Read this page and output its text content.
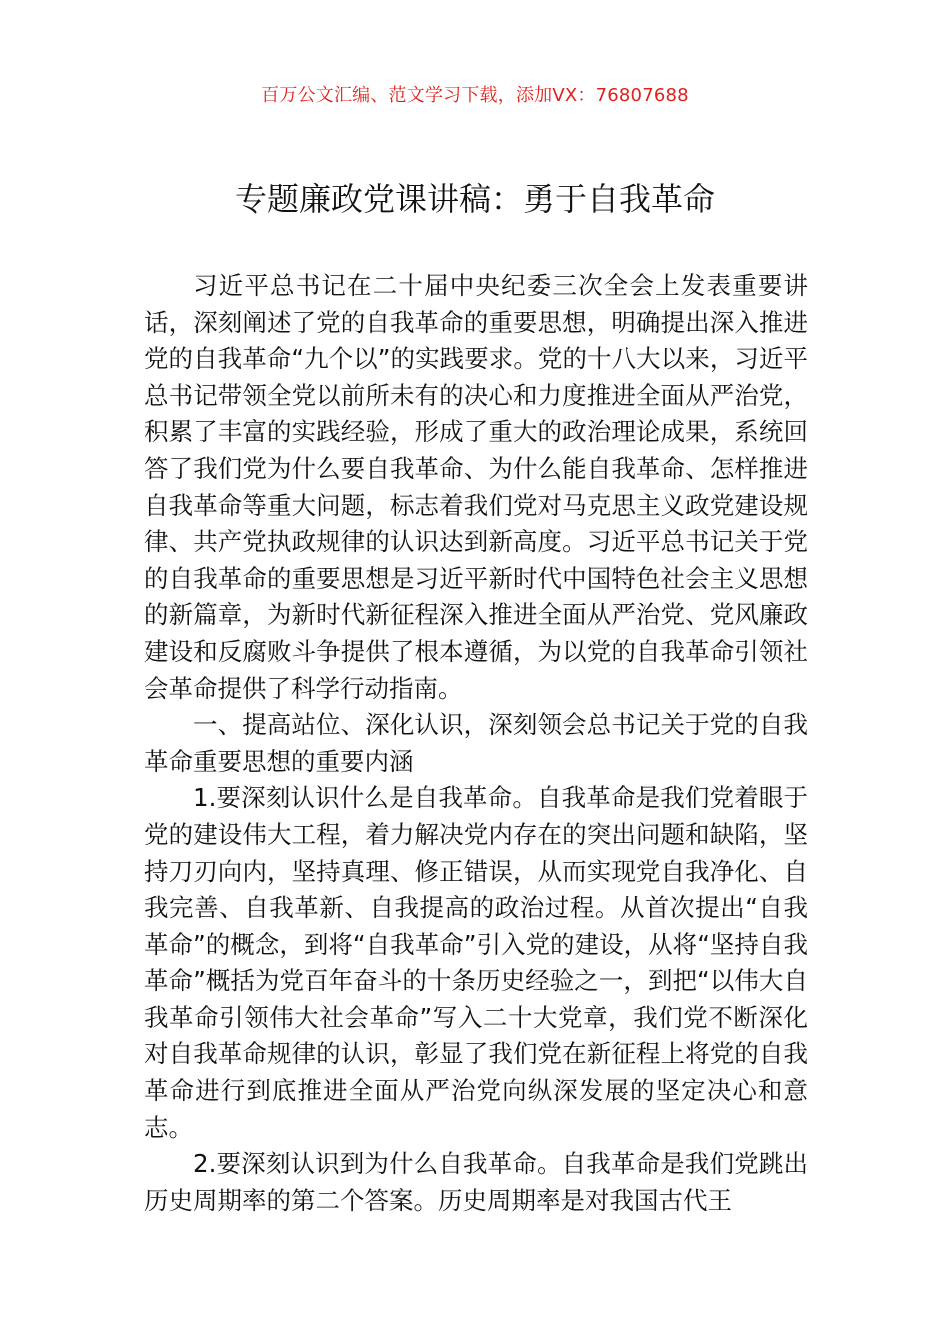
百万公文汇编、范文学习下载，添加VX：76807688
专题廉政党课讲稿：勇于自我革命

习近平总书记在二十届中央纪委三次全会上发表重要讲话，深刻阐述了党的自我革命的重要思想，明确提出深入推进党的自我革命“九个以”的实践要求。党的十八大以来，习近平总书记带领全党以前所未有的决心和力度推进全面从严治党，积累了丰富的实践经验，形成了重大的政治理论成果，系统回答了我们党为什么要自我革命、为什么能自我革命、怎样推进自我革命等重大问题，标志着我们党对马克思主义政党建设规律、共产党执政规律的认识达到新高度。习近平总书记关于党的自我革命的重要思想是习近平新时代中国特色社会主义思想的新篇章，为新时代新征程深入推进全面从严治党、党风廉政建设和反腐败斗争提供了根本遵循，为以党的自我革命引领社会革命提供了科学行动指南。

一、提高站位、深化认识，深刻领会总书记关于党的自我革命重要思想的重要内涵

1.要深刻认识什么是自我革命。自我革命是我们党着眼于党的建设伟大工程，着力解决党内存在的突出问题和缺陷，坚持刀刃向内，坚持真理、修正错误，从而实现党自我净化、自我完善、自我革新、自我提高的政治过程。从首次提出“自我革命”的概念，到将“自我革命”引入党的建设，从将“坚持自我革命”概括为党百年奋斗的十条历史经验之一，到把“以伟大自我革命引领伟大社会革命”写入二十大党章，我们党不断深化对自我革命规律的认识，彰显了我们党在新征程上将党的自我革命进行到底推进全面从严治党向纵深发展的坚定决心和意志。

2.要深刻认识到为什么自我革命。自我革命是我们党跳出历史周期率的第二个答案。历史周期率是对我国古代王
